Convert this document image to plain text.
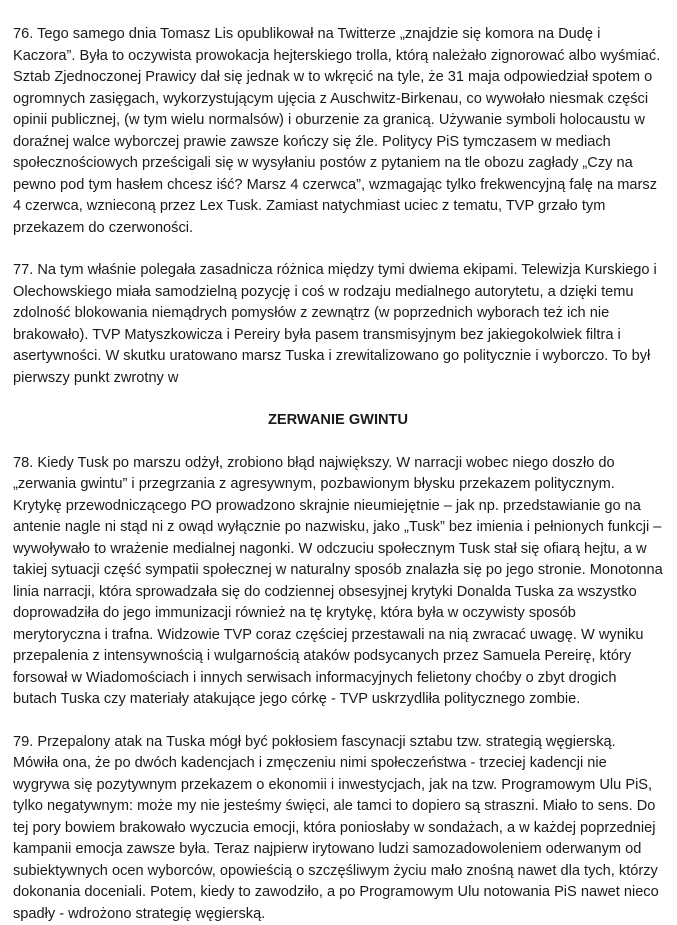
76. Tego samego dnia Tomasz Lis opublikował na Twitterze „znajdzie się komora na Dudę i Kaczora”. Była to oczywista prowokacja hejterskiego trolla, którą należało zignorować albo wyśmiać. Sztab Zjednoczonej Prawicy dał się jednak w to wkręcić na tyle, że 31 maja odpowiedział spotem o ogromnych zasięgach, wykorzystującym ujęcia z Auschwitz-Birkenau, co wywołało niesmak części opinii publicznej, (w tym wielu normalsów) i oburzenie za granicą. Używanie symboli holocaustu w doraźnej walce wyborczej prawie zawsze kończy się źle. Politycy PiS tymczasem w mediach społecznościowych prześcigali się w wysyłaniu postów z pytaniem na tle obozu zagłady „Czy na pewno pod tym hasłem chcesz iść? Marsz 4 czerwca”, wzmagając tylko frekwencyjną falę na marsz 4 czerwca, wznieconą przez Lex Tusk. Zamiast natychmiast uciec z tematu, TVP grzało tym przekazem do czerwoności.

77. Na tym właśnie polegała zasadnicza różnica między tymi dwiema ekipami. Telewizja Kurskiego i Olechowskiego miała samodzielną pozycję i coś w rodzaju medialnego autorytetu, a dzięki temu zdolność blokowania niemądrych pomysłów z zewnątrz (w poprzednich wyborach też ich nie brakowało). TVP Matyszkowicza i Pereiry była pasem transmisyjnym bez jakiegokolwiek filtra i asertywności. W skutku uratowano marsz Tuska i zrewitalizowano go politycznie i wyborczo. To był pierwszy punkt zwrotny w

ZERWANIE GWINTU

78. Kiedy Tusk po marszu odżył, zrobiono błąd największy. W narracji wobec niego doszło do „zerwania gwintu” i przegrzania z agresywnym, pozbawionym błysku przekazem politycznym. Krytykę przewodniczącego PO prowadzono skrajnie nieumiejętnie – jak np. przedstawianie go na antenie nagle ni stąd ni z owąd wyłącznie po nazwisku, jako „Tusk” bez imienia i pełnionych funkcji – wywoływało to wrażenie medialnej nagonki. W odczuciu społecznym Tusk stał się ofiarą hejtu, a w takiej sytuacji część sympatii społecznej w naturalny sposób znalazła się po jego stronie. Monotonna linia narracji, która sprowadzała się do codziennej obsesyjnej krytyki Donalda Tuska za wszystko doprowadziła do jego immunizacji również na tę krytykę, która była w oczywisty sposób merytoryczna i trafna. Widzowie TVP coraz częściej przestawali na nią zwracać uwagę. W wyniku przepalenia z intensywnością i wulgarnością ataków podsycanych przez Samuela Pereirę, który forsował w Wiadomościach i innych serwisach informacyjnych felietony choćby o zbyt drogich butach Tuska czy materiały atakujące jego córkę - TVP uskrzydliła politycznego zombie.

79. Przepalony atak na Tuska mógł być pokłosiem fascynacji sztabu tzw. strategią węgierską. Mówiła ona, że po dwóch kadencjach i zmęczeniu nimi społeczeństwa - trzeciej kadencji nie wygrywa się pozytywnym przekazem o ekonomii i inwestycjach, jak na tzw. Programowym Ulu PiS, tylko negatywnym: może my nie jesteśmy święci, ale tamci to dopiero są straszni. Miało to sens. Do tej pory bowiem brakowało wyczucia emocji, która poniosłaby w sondażach, a w każdej poprzedniej kampanii emocja zawsze była. Teraz najpierw irytowano ludzi samozadowoleniem oderwanym od subiektywnych ocen wyborców, opowieścią o szczęśliwym życiu mało znośną nawet dla tych, którzy dokonania doceniali. Potem, kiedy to zawodziło, a po Programowym Ulu notowania PiS nawet nieco spadły - wdrożono strategię węgierską.
